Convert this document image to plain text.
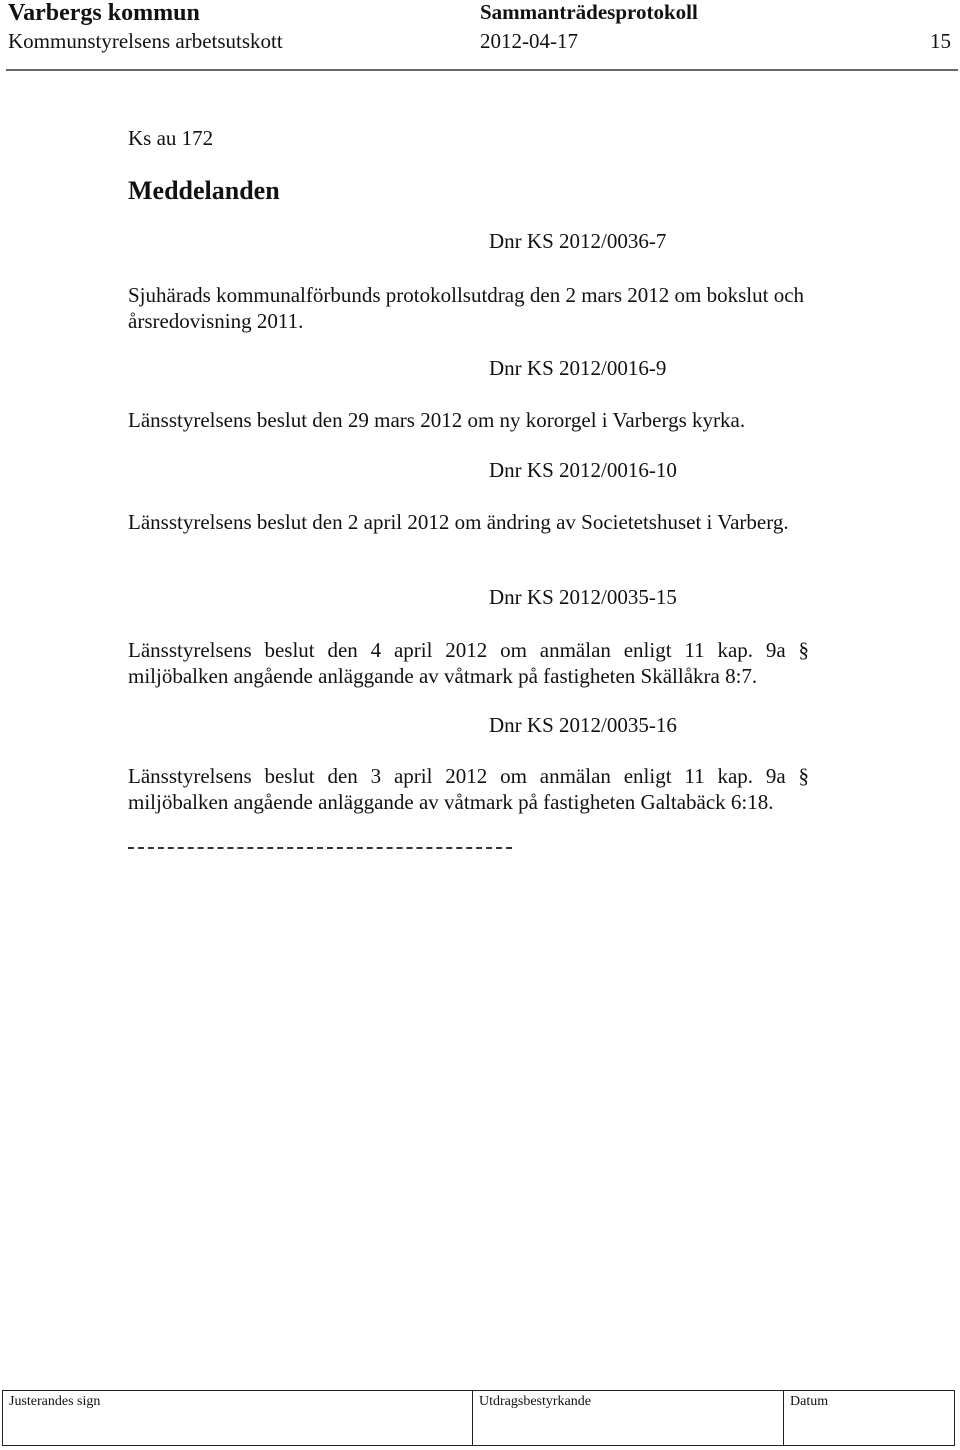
Varbergs kommun	Sammanträdesprotokoll
Kommunstyrelsens arbetsutskott	2012-04-17	15
Ks au 172
Meddelanden
Dnr KS 2012/0036-7
Sjuhärads kommunalförbunds protokollsutdrag den 2 mars 2012 om bokslut och årsredovisning 2011.
Dnr KS 2012/0016-9
Länsstyrelsens beslut den 29 mars 2012 om ny kororgel i Varbergs kyrka.
Dnr KS 2012/0016-10
Länsstyrelsens beslut den 2 april 2012 om ändring av Societetshuset i Varberg.
Dnr KS 2012/0035-15
Länsstyrelsens beslut den 4 april 2012 om anmälan enligt 11 kap. 9a § miljöbalken angående anläggande av våtmark på fastigheten Skällåkra 8:7.
Dnr KS 2012/0035-16
Länsstyrelsens beslut den 3 april 2012 om anmälan enligt 11 kap. 9a § miljöbalken angående anläggande av våtmark på fastigheten Galtabäck 6:18.
Justerandes sign	Utdragsbestyrkande	Datum
